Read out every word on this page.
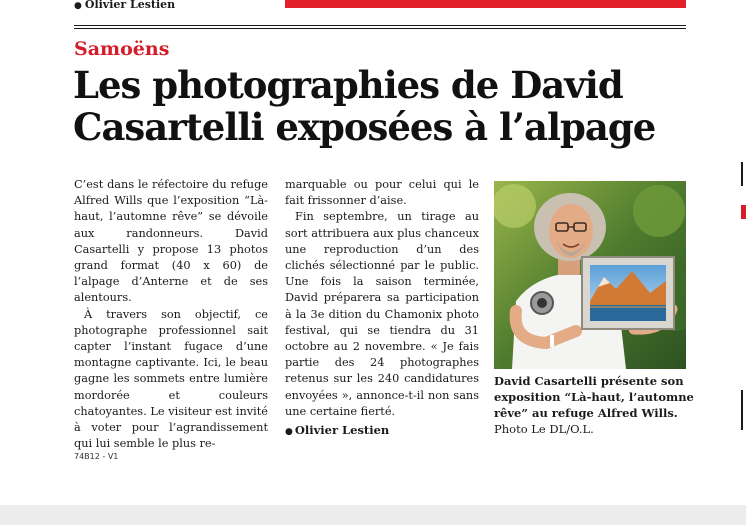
● Olivier Lestien
Samoëns
Les photographies de David Casartelli exposées à l’alpage

C’est dans le réfectoire du refuge Alfred Wills que l’exposition “Là-haut, l’automne rêve” se dévoile aux randonneurs. David Casartelli y propose 13 photos grand format (40 x 60) de l’alpage d’Anterne et de ses alentours.

À travers son objectif, ce photographe professionnel sait capter l’instant fugace d’une montagne captivante. Ici, le beau gagne les sommets entre lumière mordorée et couleurs chatoyantes. Le visiteur est invité à voter pour l’agrandissement qui lui semble le plus re-

marquable ou pour celui qui le fait frissonner d’aise.

Fin septembre, un tirage au sort attribuera aux plus chanceux une reproduction d’un des clichés sélectionné par le public. Une fois la saison terminée, David préparera sa participation à la 3e dition du Chamonix photo festival, qui se tiendra du 31 octobre au 2 novembre. « Je fais partie des 24 photographes retenus sur les 240 candidatures envoyées », annonce-t-il non sans une certaine fierté.

● Olivier Lestien
David Casartelli présente son exposition “Là-haut, l’automne rêve” au refuge Alfred Wills. Photo Le DL/O.L.
74B12 - V1
